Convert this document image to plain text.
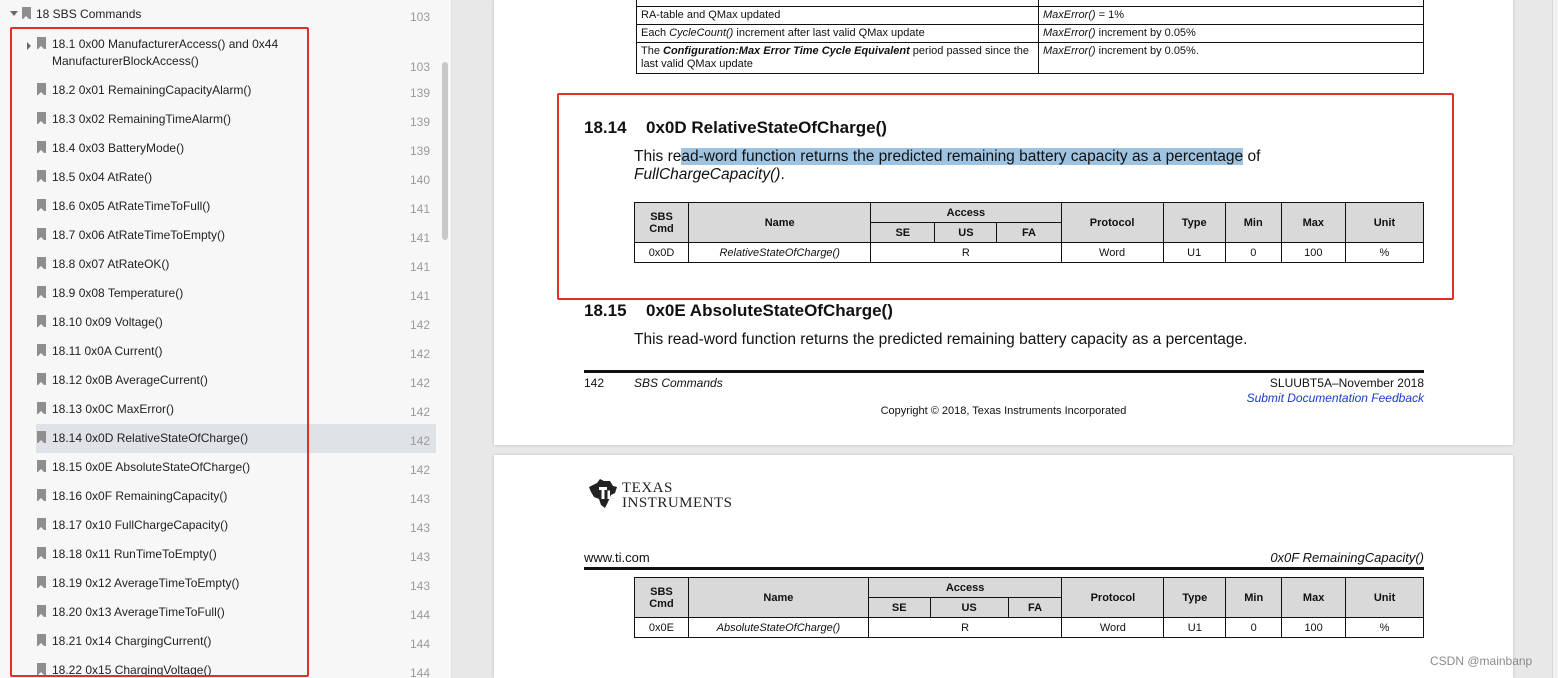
18 SBS Commands	103
18.1 0x00 ManufacturerAccess() and 0x44 ManufacturerBlockAccess()	103
18.2 0x01 RemainingCapacityAlarm()	139
18.3 0x02 RemainingTimeAlarm()	139
18.4 0x03 BatteryMode()	139
18.5 0x04 AtRate()	140
18.6 0x05 AtRateTimeToFull()	141
18.7 0x06 AtRateTimeToEmpty()	141
18.8 0x07 AtRateOK()	141
18.9 0x08 Temperature()	141
18.10 0x09 Voltage()	142
18.11 0x0A Current()	142
18.12 0x0B AverageCurrent()	142
18.13 0x0C MaxError()	142
18.14 0x0D RelativeStateOfCharge()	142
18.15 0x0E AbsoluteStateOfCharge()	142
18.16 0x0F RemainingCapacity()	143
18.17 0x10 FullChargeCapacity()	143
18.18 0x11 RunTimeToEmpty()	143
18.19 0x12 AverageTimeToEmpty()	143
18.20 0x13 AverageTimeToFull()	144
18.21 0x14 ChargingCurrent()	144
18.22 0x15 ChargingVoltage()	144

RA-table and QMax updated	MaxError() = 1%
Each CycleCount() increment after last valid QMax update	MaxError() increment by 0.05%
The Configuration:Max Error Time Cycle Equivalent period passed since the last valid QMax update	MaxError() increment by 0.05%.
18.14 0x0D RelativeStateOfCharge()
This read-word function returns the predicted remaining battery capacity as a percentage of
FullChargeCapacity().
SBS Cmd	Name	Access			Protocol	Type	Min	Max	Unit
		SE	US	FA					
0x0D	RelativeStateOfCharge()	R			Word	U1	0	100	%
18.15 0x0E AbsoluteStateOfCharge()
This read-word function returns the predicted remaining battery capacity as a percentage.
142 SBS Commands	SLUUBT5A–November 2018
Submit Documentation Feedback
Copyright © 2018, Texas Instruments Incorporated
TEXAS
INSTRUMENTS
www.ti.com	0x0F RemainingCapacity()
SBS Cmd	Name	Access			Protocol	Type	Min	Max	Unit
		SE	US	FA					
0x0E	AbsoluteStateOfCharge()	R			Word	U1	0	100	%
CSDN @mainbanp
